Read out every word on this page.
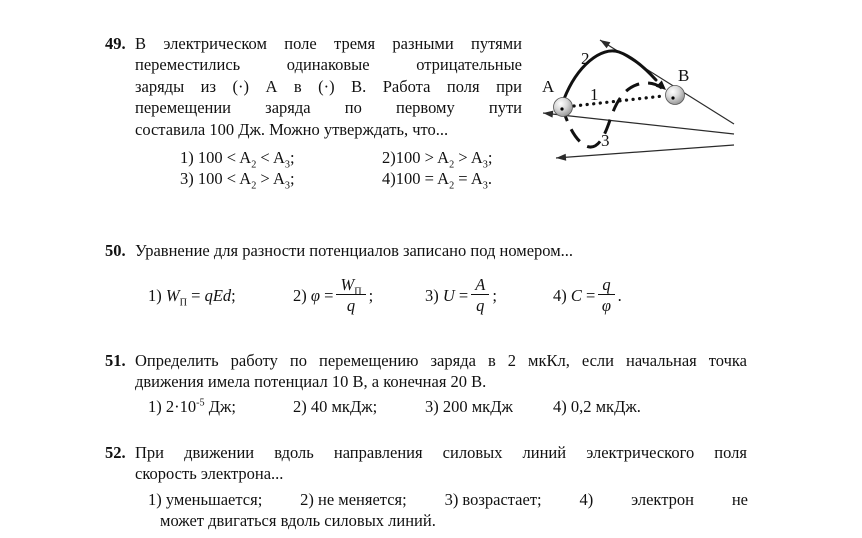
49. В электрическом поле тремя разными путями
переместились одинаковые отрицательные
заряды из (·) А в (·) В. Работа поля при
перемещении заряда по первому пути
составила 100 Дж. Можно утверждать, что...
1) $100 < A_2 < A_3$;	$2)100 > A_2 > A_3$;
3) $100 < A_2 > A_3$;	$4)100 = A_2 = A_3$.
A
B
1
2
3
50. Уравнение для разности потенциалов записано под номером...
1) $W_П$ = qEd;	2) $\varphi = \frac{W_П}{q}$ ;	3) $U = \frac{A}{q}$ ;	4) $C = \frac{q}{\varphi}$ .
51. Определить работу по перемещению заряда в 2 мкКл, если начальная точка
движения имела потенциал 10 В, а конечная 20 В.
1) $2\cdot 10^{-5}$ Дж;	2) 40 мкДж;	3) 200 мкДж	4) 0,2 мкДж.
52. При движении вдоль направления силовых линий электрического поля
скорость электрона...
1) уменьшается; 2) не меняется; 3) возрастает; 4) электрон не
может двигаться вдоль силовых линий.
